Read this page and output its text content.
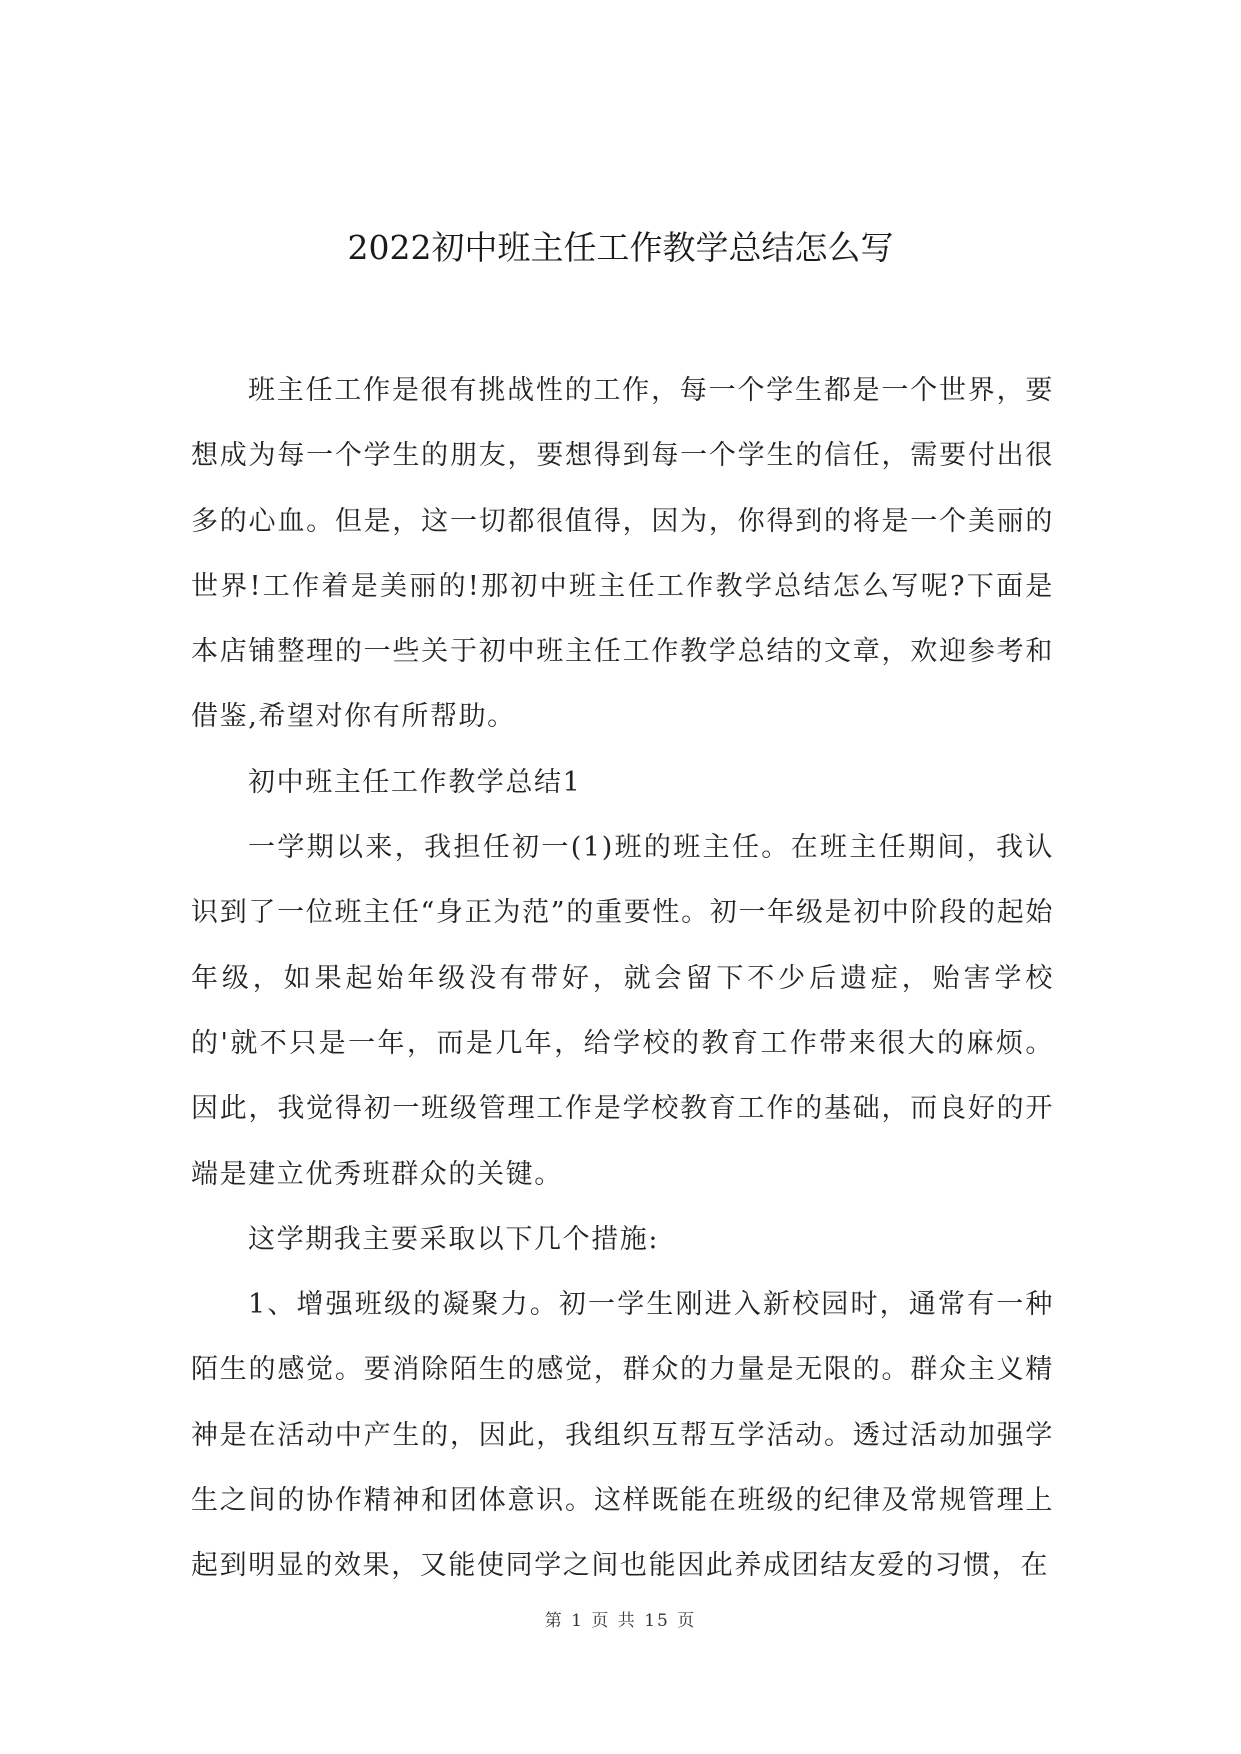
2022初中班主任工作教学总结怎么写

班主任工作是很有挑战性的工作，每一个学生都是一个世界，要想成为每一个学生的朋友，要想得到每一个学生的信任，需要付出很多的心血。但是，这一切都很值得，因为，你得到的将是一个美丽的世界!工作着是美丽的!那初中班主任工作教学总结怎么写呢?下面是本店铺整理的一些关于初中班主任工作教学总结的文章，欢迎参考和借鉴,希望对你有所帮助。

初中班主任工作教学总结1

一学期以来，我担任初一(1)班的班主任。在班主任期间，我认识到了一位班主任“身正为范”的重要性。初一年级是初中阶段的起始年级，如果起始年级没有带好，就会留下不少后遗症，贻害学校的'就不只是一年，而是几年，给学校的教育工作带来很大的麻烦。因此，我觉得初一班级管理工作是学校教育工作的基础，而良好的开端是建立优秀班群众的关键。

这学期我主要采取以下几个措施:

1、增强班级的凝聚力。初一学生刚进入新校园时，通常有一种陌生的感觉。要消除陌生的感觉，群众的力量是无限的。群众主义精神是在活动中产生的，因此，我组织互帮互学活动。透过活动加强学生之间的协作精神和团体意识。这样既能在班级的纪律及常规管理上起到明显的效果，又能使同学之间也能因此养成团结友爱的习惯，在

第 1 页 共 15 页
